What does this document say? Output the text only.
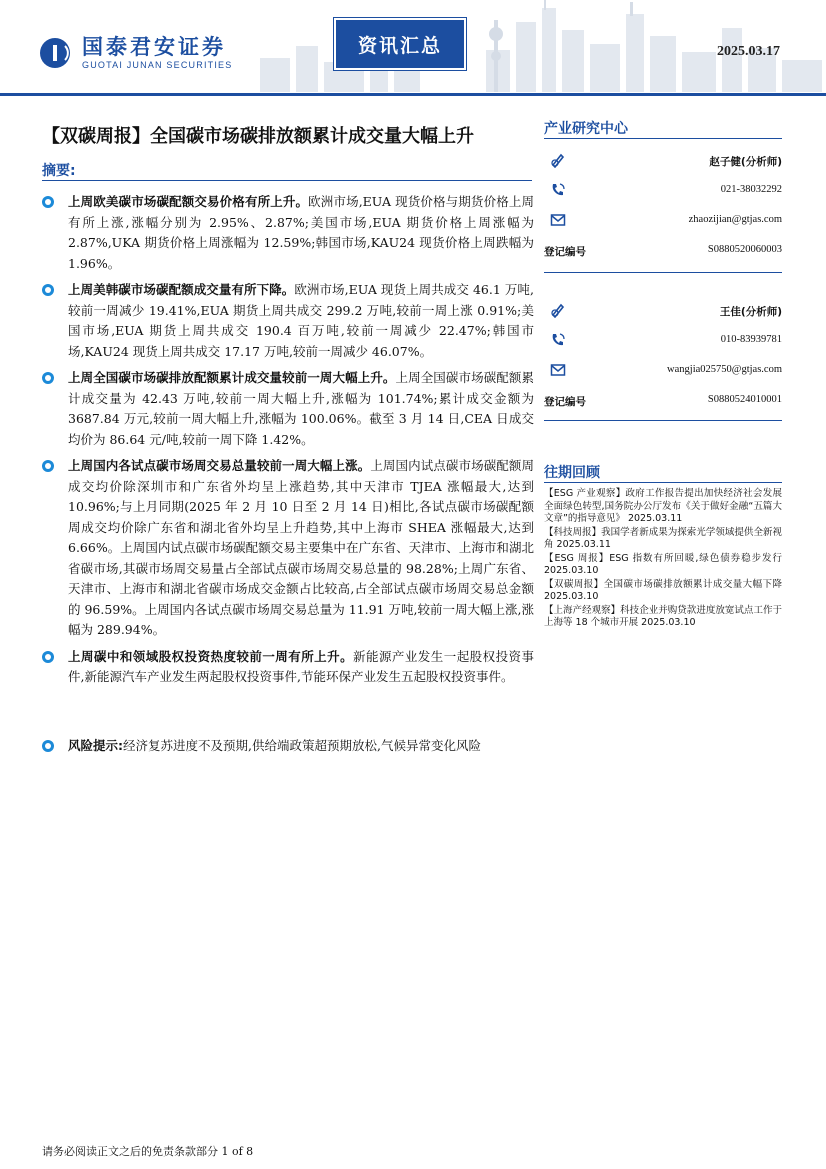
国泰君安证券
GUOTAI JUNAN SECURITIES
资讯汇总	2025.03.17
【双碳周报】全国碳市场碳排放额累计成交量大幅上升
摘要:
上周欧美碳市场碳配额交易价格有所上升。欧洲市场,EUA 现货价格与期货价格上周有所上涨,涨幅分别为 2.95%、2.87%;美国市场,EUA 期货价格上周涨幅为 2.87%,UKA 期货价格上周涨幅为 12.59%;韩国市场,KAU24 现货价格上周跌幅为 1.96%。
上周美韩碳市场碳配额成交量有所下降。欧洲市场,EUA 现货上周共成交 46.1 万吨,较前一周减少 19.41%,EUA 期货上周共成交 299.2 万吨,较前一周上涨 0.91%;美国市场,EUA 期货上周共成交 190.4 百万吨,较前一周减少 22.47%;韩国市场,KAU24 现货上周共成交 17.17 万吨,较前一周减少 46.07%。
上周全国碳市场碳排放配额累计成交量较前一周大幅上升。上周全国碳市场碳配额累计成交量为 42.43 万吨,较前一周大幅上升,涨幅为 101.74%;累计成交金额为 3687.84 万元,较前一周大幅上升,涨幅为 100.06%。截至 3 月 14 日,CEA 日成交均价为 86.64 元/吨,较前一周下降 1.42%。
上周国内各试点碳市场周交易总量较前一周大幅上涨。上周国内试点碳市场碳配额周成交均价除深圳市和广东省外均呈上涨趋势,其中天津市 TJEA 涨幅最大,达到 10.96%;与上月同期(2025 年 2 月 10 日至 2 月 14 日)相比,各试点碳市场碳配额周成交均价除广东省和湖北省外均呈上升趋势,其中上海市 SHEA 涨幅最大,达到 6.66%。上周国内试点碳市场碳配额交易主要集中在广东省、天津市、上海市和湖北省碳市场,其碳市场周交易量占全部试点碳市场周交易总量的 98.28%;上周广东省、天津市、上海市和湖北省碳市场成交金额占比较高,占全部试点碳市场周交易总金额的 96.59%。上周国内各试点碳市场周交易总量为 11.91 万吨,较前一周大幅上涨,涨幅为 289.94%。
上周碳中和领域股权投资热度较前一周有所上升。新能源产业发生一起股权投资事件,新能源汽车产业发生两起股权投资事件,节能环保产业发生五起股权投资事件。
风险提示:经济复苏进度不及预期,供给端政策超预期放松,气候异常变化风险
产业研究中心
赵子健(分析师)
021-38032292
zhaozijian@gtjas.com
登记编号	S0880520060003
王佳(分析师)
010-83939781
wangjia025750@gtjas.com
登记编号	S0880524010001
往期回顾
【ESG 产业观察】政府工作报告提出加快经济社会发展全面绿色转型,国务院办公厅发布《关于做好金融“五篇大文章”的指导意见》 2025.03.11
【科技周报】我国学者新成果为探索光学领域提供全新视角 2025.03.11
【ESG 周报】ESG 指数有所回暖,绿色债券稳步发行 2025.03.10
【双碳周报】全国碳市场碳排放额累计成交量大幅下降 2025.03.10
【上海产经观察】科技企业并购贷款进度放宽试点工作于上海等 18 个城市开展 2025.03.10
请务必阅读正文之后的免责条款部分 1 of 8
